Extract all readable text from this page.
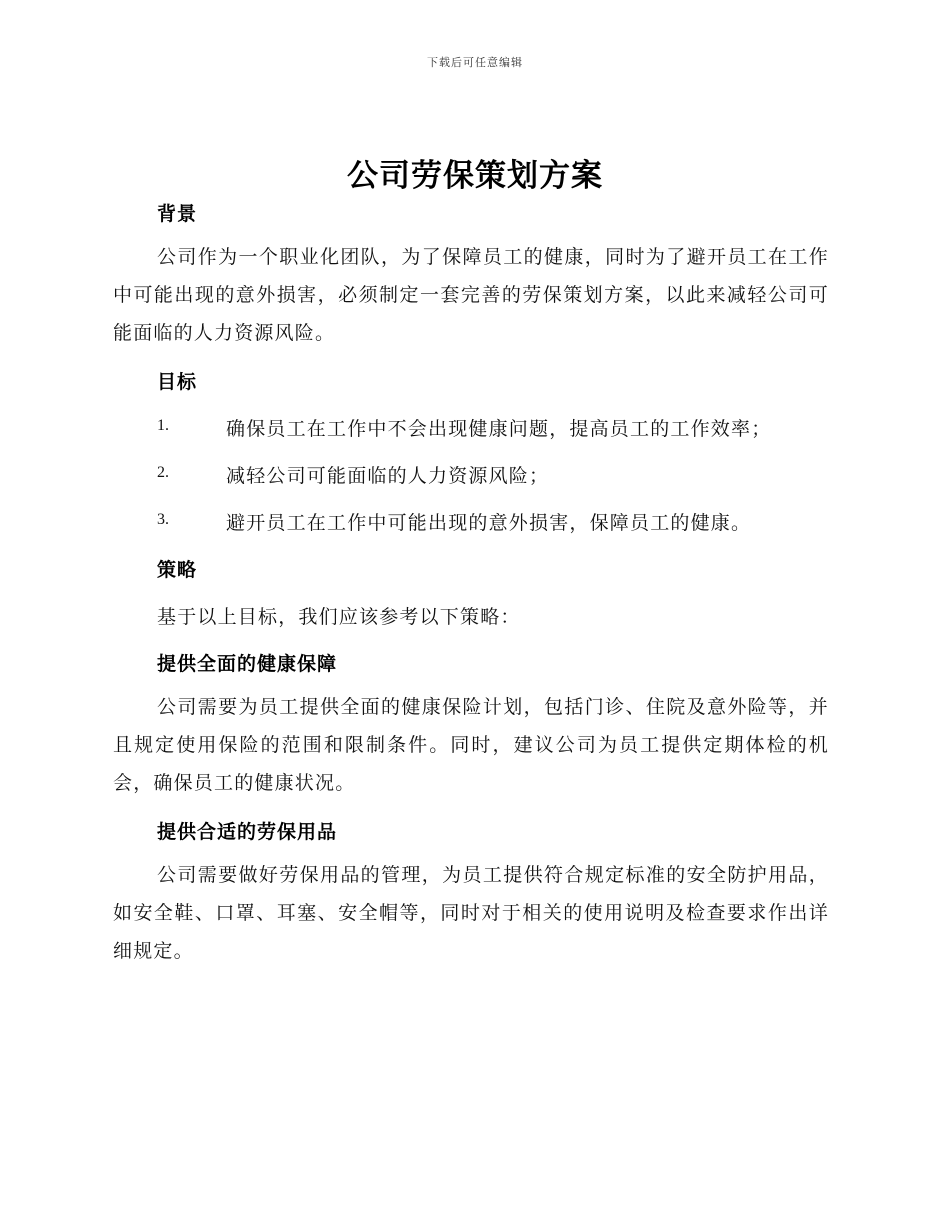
下载后可任意编辑
公司劳保策划方案
背景
公司作为一个职业化团队，为了保障员工的健康，同时为了避开员工在工作中可能出现的意外损害，必须制定一套完善的劳保策划方案，以此来减轻公司可能面临的人力资源风险。
目标
1.	确保员工在工作中不会出现健康问题，提高员工的工作效率；
2.	减轻公司可能面临的人力资源风险；
3.	避开员工在工作中可能出现的意外损害，保障员工的健康。
策略
基于以上目标，我们应该参考以下策略：
提供全面的健康保障
公司需要为员工提供全面的健康保险计划，包括门诊、住院及意外险等，并且规定使用保险的范围和限制条件。同时，建议公司为员工提供定期体检的机会，确保员工的健康状况。
提供合适的劳保用品
公司需要做好劳保用品的管理，为员工提供符合规定标准的安全防护用品，如安全鞋、口罩、耳塞、安全帽等，同时对于相关的使用说明及检查要求作出详细规定。
